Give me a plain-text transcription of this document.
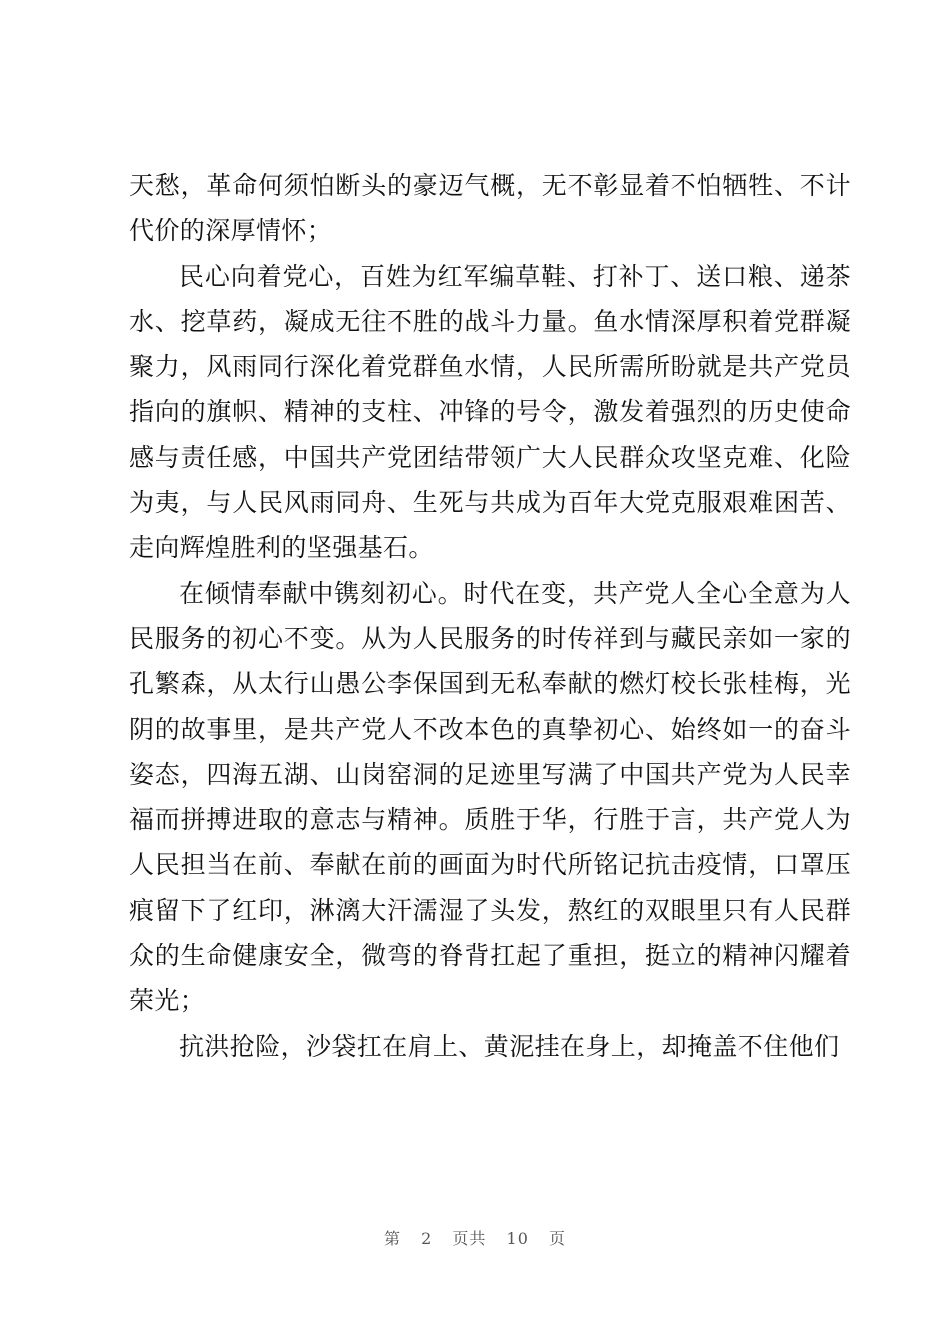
天愁，革命何须怕断头的豪迈气概，无不彰显着不怕牺牲、不计代价的深厚情怀；

民心向着党心，百姓为红军编草鞋、打补丁、送口粮、递茶水、挖草药，凝成无往不胜的战斗力量。鱼水情深厚积着党群凝聚力，风雨同行深化着党群鱼水情，人民所需所盼就是共产党员指向的旗帜、精神的支柱、冲锋的号令，激发着强烈的历史使命感与责任感，中国共产党团结带领广大人民群众攻坚克难、化险为夷，与人民风雨同舟、生死与共成为百年大党克服艰难困苦、走向辉煌胜利的坚强基石。

在倾情奉献中镌刻初心。时代在变，共产党人全心全意为人民服务的初心不变。从为人民服务的时传祥到与藏民亲如一家的孔繁森，从太行山愚公李保国到无私奉献的燃灯校长张桂梅，光阴的故事里，是共产党人不改本色的真挚初心、始终如一的奋斗姿态，四海五湖、山岗窑洞的足迹里写满了中国共产党为人民幸福而拼搏进取的意志与精神。质胜于华，行胜于言，共产党人为人民担当在前、奉献在前的画面为时代所铭记抗击疫情，口罩压痕留下了红印，淋漓大汗濡湿了头发，熬红的双眼里只有人民群众的生命健康安全，微弯的脊背扛起了重担，挺立的精神闪耀着荣光；

抗洪抢险，沙袋扛在肩上、黄泥挂在身上，却掩盖不住他们

第 2 页共 10 页
